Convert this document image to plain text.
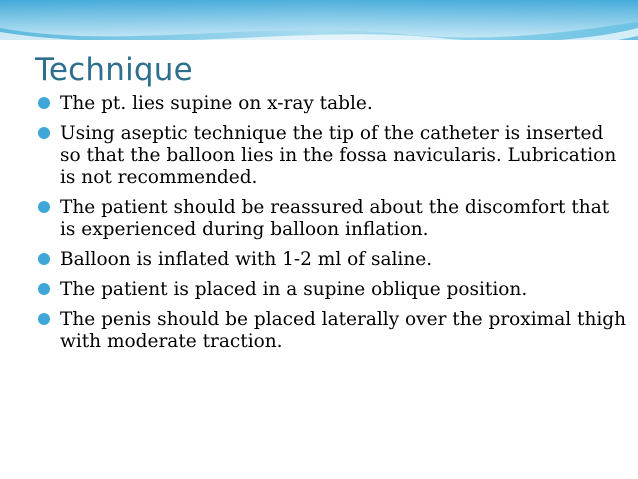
Technique
The pt. lies supine on x-ray table.
Using aseptic technique the tip of the catheter is inserted so that the balloon lies in the fossa navicularis. Lubrication is not recommended.
The patient should be reassured about the discomfort that is experienced during balloon inflation.
Balloon is inflated with 1-2 ml of saline.
The patient is placed in a supine oblique position.
The penis should be placed laterally over the proximal thigh with moderate traction.
